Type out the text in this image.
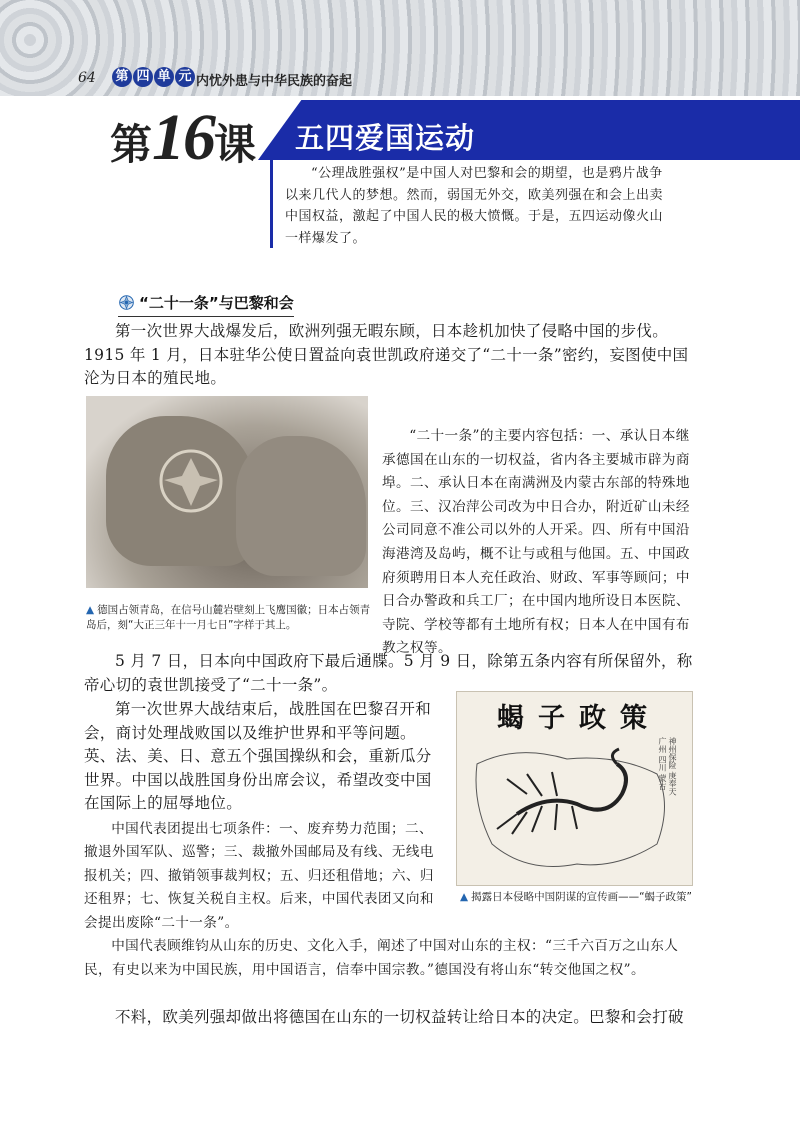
64 第 四 单 元 内忧外患与中华民族的奋起
第16课 五四爱国运动

“公理战胜强权”是中国人对巴黎和会的期望，也是鸦片战争以来几代人的梦想。然而，弱国无外交，欧美列强在和会上出卖中国权益，激起了中国人民的极大愤慨。于是，五四运动像火山一样爆发了。

“二十一条”与巴黎和会

第一次世界大战爆发后，欧洲列强无暇东顾，日本趁机加快了侵略中国的步伐。1915 年 1 月，日本驻华公使日置益向袁世凯政府递交了“二十一条”密约，妄图使中国沦为日本的殖民地。

▲ 德国占领青岛，在信号山麓岩壁刻上飞鹰国徽；日本占领青岛后，刻“大正三年十一月七日”字样于其上。

“二十一条”的主要内容包括：一、承认日本继承德国在山东的一切权益，省内各主要城市辟为商埠。二、承认日本在南满洲及内蒙古东部的特殊地位。三、汉冶萍公司改为中日合办，附近矿山未经公司同意不准公司以外的人开采。四、所有中国沿海港湾及岛屿，概不让与或租与他国。五、中国政府须聘用日本人充任政治、财政、军事等顾问；中日合办警政和兵工厂；在中国内地所设日本医院、寺院、学校等都有土地所有权；日本人在中国有布教之权等。

5 月 7 日，日本向中国政府下最后通牒。5 月 9 日，除第五条内容有所保留外，称帝心切的袁世凯接受了“二十一条”。

第一次世界大战结束后，战胜国在巴黎召开和会，商讨处理战败国以及维护世界和平等问题。英、法、美、日、意五个强国操纵和会，重新瓜分世界。中国以战胜国身份出席会议，希望改变中国在国际上的屈辱地位。

蝎子政策
神州保险 庚奉天 广州 四川 蒙古
▲ 揭露日本侵略中国阴谋的宣传画——“蝎子政策”

中国代表团提出七项条件：一、废弃势力范围；二、撤退外国军队、巡警；三、裁撤外国邮局及有线、无线电报机关；四、撤销领事裁判权；五、归还租借地；六、归还租界；七、恢复关税自主权。后来，中国代表团又向和会提出废除“二十一条”。

中国代表顾维钧从山东的历史、文化入手，阐述了中国对山东的主权：“三千六百万之山东人民，有史以来为中国民族，用中国语言，信奉中国宗教。”德国没有将山东“转交他国之权”。

不料，欧美列强却做出将德国在山东的一切权益转让给日本的决定。巴黎和会打破
